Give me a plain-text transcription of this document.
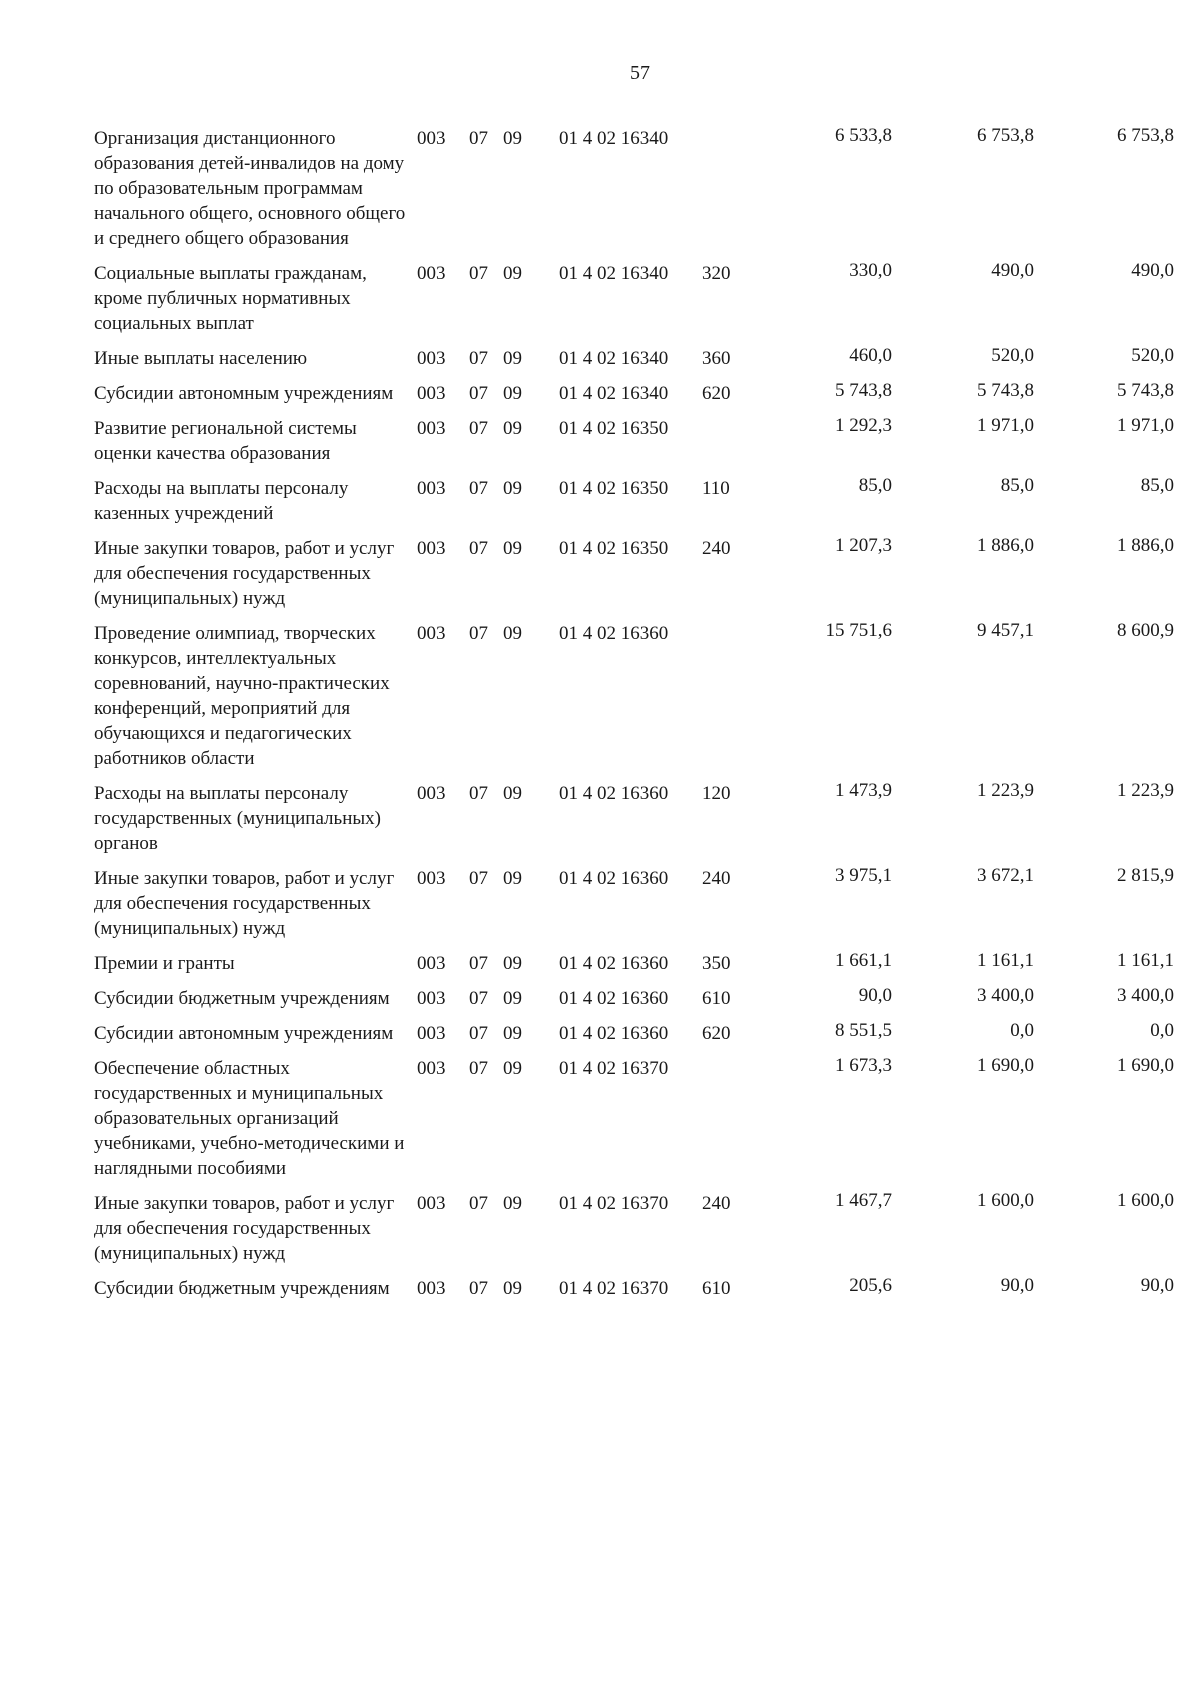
57
Организация дистанционного образования детей-инвалидов на дому по образовательным программам начального общего, основного общего и среднего общего образования	003	07	09	01 4 02 16340		6 533,8	6 753,8	6 753,8
Социальные выплаты гражданам, кроме публичных нормативных социальных выплат	003	07	09	01 4 02 16340	320	330,0	490,0	490,0
Иные выплаты населению	003	07	09	01 4 02 16340	360	460,0	520,0	520,0
Субсидии автономным учреждениям	003	07	09	01 4 02 16340	620	5 743,8	5 743,8	5 743,8
Развитие региональной системы оценки качества образования	003	07	09	01 4 02 16350		1 292,3	1 971,0	1 971,0
Расходы на выплаты персоналу казенных учреждений	003	07	09	01 4 02 16350	110	85,0	85,0	85,0
Иные закупки товаров, работ и услуг для обеспечения государственных (муниципальных) нужд	003	07	09	01 4 02 16350	240	1 207,3	1 886,0	1 886,0
Проведение олимпиад, творческих конкурсов, интеллектуальных соревнований, научно-практических конференций, мероприятий для обучающихся и педагогических работников области	003	07	09	01 4 02 16360		15 751,6	9 457,1	8 600,9
Расходы на выплаты персоналу государственных (муниципальных) органов	003	07	09	01 4 02 16360	120	1 473,9	1 223,9	1 223,9
Иные закупки товаров, работ и услуг для обеспечения государственных (муниципальных) нужд	003	07	09	01 4 02 16360	240	3 975,1	3 672,1	2 815,9
Премии и гранты	003	07	09	01 4 02 16360	350	1 661,1	1 161,1	1 161,1
Субсидии бюджетным учреждениям	003	07	09	01 4 02 16360	610	90,0	3 400,0	3 400,0
Субсидии автономным учреждениям	003	07	09	01 4 02 16360	620	8 551,5	0,0	0,0
Обеспечение областных государственных и муниципальных образовательных организаций учебниками, учебно-методическими и наглядными пособиями	003	07	09	01 4 02 16370		1 673,3	1 690,0	1 690,0
Иные закупки товаров, работ и услуг для обеспечения государственных (муниципальных) нужд	003	07	09	01 4 02 16370	240	1 467,7	1 600,0	1 600,0
Субсидии бюджетным учреждениям	003	07	09	01 4 02 16370	610	205,6	90,0	90,0
